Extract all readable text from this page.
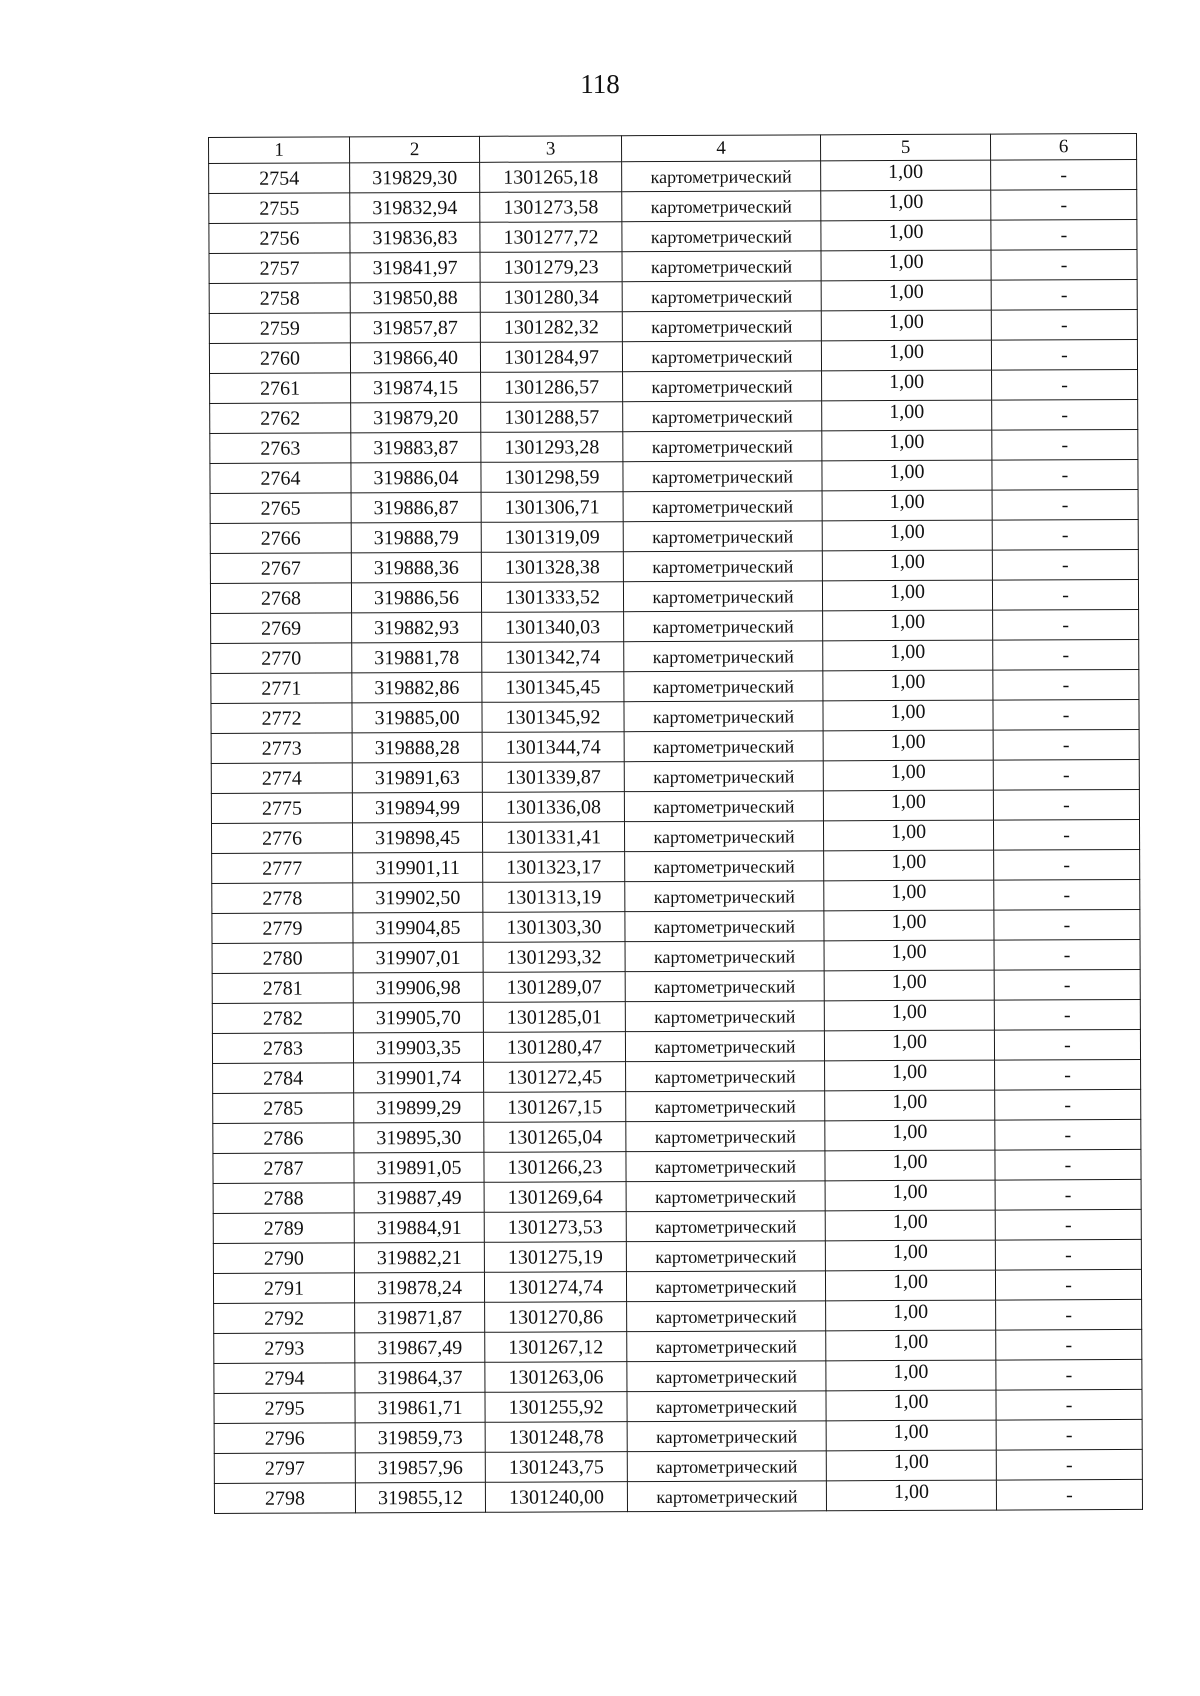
118
1	2	3	4	5	6
2754	319829,30	1301265,18	картометрический	1,00	-
2755	319832,94	1301273,58	картометрический	1,00	-
2756	319836,83	1301277,72	картометрический	1,00	-
2757	319841,97	1301279,23	картометрический	1,00	-
2758	319850,88	1301280,34	картометрический	1,00	-
2759	319857,87	1301282,32	картометрический	1,00	-
2760	319866,40	1301284,97	картометрический	1,00	-
2761	319874,15	1301286,57	картометрический	1,00	-
2762	319879,20	1301288,57	картометрический	1,00	-
2763	319883,87	1301293,28	картометрический	1,00	-
2764	319886,04	1301298,59	картометрический	1,00	-
2765	319886,87	1301306,71	картометрический	1,00	-
2766	319888,79	1301319,09	картометрический	1,00	-
2767	319888,36	1301328,38	картометрический	1,00	-
2768	319886,56	1301333,52	картометрический	1,00	-
2769	319882,93	1301340,03	картометрический	1,00	-
2770	319881,78	1301342,74	картометрический	1,00	-
2771	319882,86	1301345,45	картометрический	1,00	-
2772	319885,00	1301345,92	картометрический	1,00	-
2773	319888,28	1301344,74	картометрический	1,00	-
2774	319891,63	1301339,87	картометрический	1,00	-
2775	319894,99	1301336,08	картометрический	1,00	-
2776	319898,45	1301331,41	картометрический	1,00	-
2777	319901,11	1301323,17	картометрический	1,00	-
2778	319902,50	1301313,19	картометрический	1,00	-
2779	319904,85	1301303,30	картометрический	1,00	-
2780	319907,01	1301293,32	картометрический	1,00	-
2781	319906,98	1301289,07	картометрический	1,00	-
2782	319905,70	1301285,01	картометрический	1,00	-
2783	319903,35	1301280,47	картометрический	1,00	-
2784	319901,74	1301272,45	картометрический	1,00	-
2785	319899,29	1301267,15	картометрический	1,00	-
2786	319895,30	1301265,04	картометрический	1,00	-
2787	319891,05	1301266,23	картометрический	1,00	-
2788	319887,49	1301269,64	картометрический	1,00	-
2789	319884,91	1301273,53	картометрический	1,00	-
2790	319882,21	1301275,19	картометрический	1,00	-
2791	319878,24	1301274,74	картометрический	1,00	-
2792	319871,87	1301270,86	картометрический	1,00	-
2793	319867,49	1301267,12	картометрический	1,00	-
2794	319864,37	1301263,06	картометрический	1,00	-
2795	319861,71	1301255,92	картометрический	1,00	-
2796	319859,73	1301248,78	картометрический	1,00	-
2797	319857,96	1301243,75	картометрический	1,00	-
2798	319855,12	1301240,00	картометрический	1,00	-
